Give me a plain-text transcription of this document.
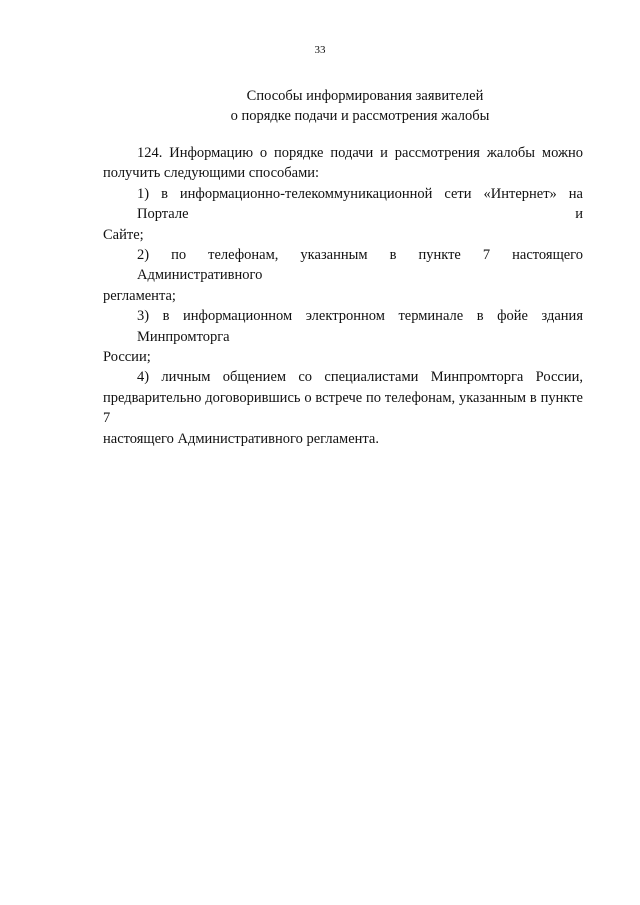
33
Способы информирования заявителей
о порядке подачи и рассмотрения жалобы
124. Информацию о порядке подачи и рассмотрения жалобы можно
получить следующими способами:
1) в информационно-телекоммуникационной сети «Интернет» на Портале и
Сайте;
2) по телефонам, указанным в пункте 7 настоящего Административного
регламента;
3) в информационном электронном терминале в фойе здания Минпромторга
России;
4) личным общением со специалистами Минпромторга России,
предварительно договорившись о встрече по телефонам, указанным в пункте 7
настоящего Административного регламента.
